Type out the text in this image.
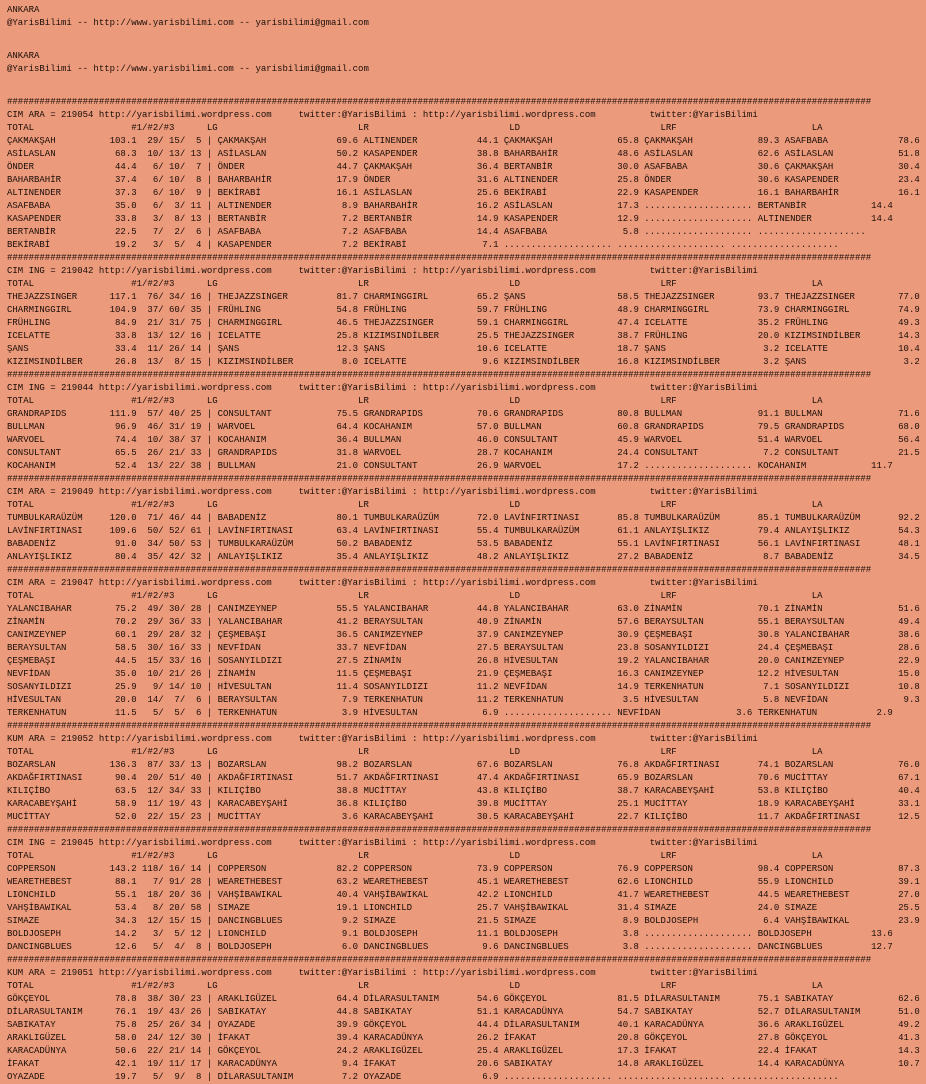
ANKARA
@YarisBilimi -- http://www.yarisbilimi.com -- yarisbilimi@gmail.com
ANKARA
@YarisBilimi -- http://www.yarisbilimi.com -- yarisbilimi@gmail.com
################################################################################################################################################################
CIM ARA = 219054 http://yarisbilimi.wordpress.com     twitter:@YarisBilimi : http://yarisbilimi.wordpress.com          twitter:@YarisBilimi
TOTAL                  #1/#2/#3      LG                          LR                          LD                          LRF                         LA
ÇAKMAKŞAH          103.1  29/ 15/  5 | ÇAKMAKŞAH             69.6 ALTINENDER           44.1 ÇAKMAKŞAH            65.8 ÇAKMAKŞAH            89.3 ASAFBABA             78.6
ASİLASLAN           68.3  10/ 13/ 13 | ASİLASLAN             50.2 KASAPENDER           38.8 BAHARBAHİR           48.6 ASİLASLAN            62.6 ASİLASLAN            51.8
ÖNDER               44.4   6/ 10/  7 | ÖNDER                 44.7 ÇAKMAKŞAH            36.4 BERTANBİR            30.0 ASAFBABA             30.6 ÇAKMAKŞAH            30.4
BAHARBAHİR          37.4   6/ 10/  8 | BAHARBAHİR            17.9 ÖNDER                31.6 ALTINENDER           25.8 ÖNDER                30.6 KASAPENDER           23.4
ALTINENDER          37.3   6/ 10/  9 | BEKİRABİ              16.1 ASİLASLAN            25.6 BEKİRABİ             22.9 KASAPENDER           16.1 BAHARBAHİR           16.1
ASAFBABA            35.0   6/  3/ 11 | ALTINENDER             8.9 BAHARBAHİR           16.2 ASİLASLAN            17.3 .................... BERTANBİR            14.4
KASAPENDER          33.8   3/  8/ 13 | BERTANBİR              7.2 BERTANBİR            14.9 KASAPENDER           12.9 .................... ALTINENDER           14.4
BERTANBİR           22.5   7/  2/  6 | ASAFBABA               7.2 ASAFBABA             14.4 ASAFBABA              5.8 .................... ....................
BEKİRABİ            19.2   3/  5/  4 | KASAPENDER             7.2 BEKİRABİ              7.1 .................... .................... ....................
################################################################################################################################################################
CIM ING = 219042 http://yarisbilimi.wordpress.com     twitter:@YarisBilimi : http://yarisbilimi.wordpress.com          twitter:@YarisBilimi
TOTAL                  #1/#2/#3      LG                          LR                          LD                          LRF                         LA
THEJAZZSINGER      117.1  76/ 34/ 16 | THEJAZZSINGER         81.7 CHARMINGGIRL         65.2 ŞANS                 58.5 THEJAZZSINGER        93.7 THEJAZZSINGER        77.0
CHARMINGGIRL       104.9  37/ 60/ 35 | FRÜHLING              54.8 FRÜHLING             59.7 FRÜHLING             48.9 CHARMINGGIRL         73.9 CHARMINGGIRL         74.9
FRÜHLING            84.9  21/ 31/ 75 | CHARMINGGIRL          46.5 THEJAZZSINGER        59.1 CHARMINGGIRL         47.4 ICELATTE             35.2 FRÜHLING             49.3
ICELATTE            33.8  13/ 12/ 16 | ICELATTE              25.8 KIZIMSINDİLBER       25.5 THEJAZZSINGER        38.7 FRÜHLING             20.0 KIZIMSINDİLBER       14.3
ŞANS                33.4  11/ 26/ 14 | ŞANS                  12.3 ŞANS                 10.6 ICELATTE             18.7 ŞANS                  3.2 ICELATTE             10.4
KIZIMSINDİLBER      26.8  13/  8/ 15 | KIZIMSINDİLBER         8.0 ICELATTE              9.6 KIZIMSINDİLBER       16.8 KIZIMSINDİLBER        3.2 ŞANS                  3.2
################################################################################################################################################################
CIM ING = 219044 http://yarisbilimi.wordpress.com     twitter:@YarisBilimi : http://yarisbilimi.wordpress.com          twitter:@YarisBilimi
TOTAL                  #1/#2/#3      LG                          LR                          LD                          LRF                         LA
GRANDRAPIDS        111.9  57/ 40/ 25 | CONSULTANT            75.5 GRANDRAPIDS          70.6 GRANDRAPIDS          80.8 BULLMAN              91.1 BULLMAN              71.6
BULLMAN             96.9  46/ 31/ 19 | WARVOEL               64.4 KOCAHANIM            57.0 BULLMAN              60.8 GRANDRAPIDS          79.5 GRANDRAPIDS          68.0
WARVOEL             74.4  10/ 38/ 37 | KOCAHANIM             36.4 BULLMAN              46.0 CONSULTANT           45.9 WARVOEL              51.4 WARVOEL              56.4
CONSULTANT          65.5  26/ 21/ 33 | GRANDRAPIDS           31.8 WARVOEL              28.7 KOCAHANIM            24.4 CONSULTANT            7.2 CONSULTANT           21.5
KOCAHANIM           52.4  13/ 22/ 38 | BULLMAN               21.0 CONSULTANT           26.9 WARVOEL              17.2 .................... KOCAHANIM            11.7
################################################################################################################################################################
CIM ARA = 219049 http://yarisbilimi.wordpress.com     twitter:@YarisBilimi : http://yarisbilimi.wordpress.com          twitter:@YarisBilimi
TOTAL                  #1/#2/#3      LG                          LR                          LD                          LRF                         LA
TUMBULKARAÜZÜM     120.0  71/ 46/ 44 | BABADENİZ             80.1 TUMBULKARAÜZÜM       72.0 LAVİNFIRTINASI       85.8 TUMBULKARAÜZÜM       85.1 TUMBULKARAÜZÜM       92.2
LAVİNFIRTINASI     109.6  50/ 52/ 61 | LAVİNFIRTINASI        63.4 LAVİNFIRTINASI       55.4 TUMBULKARAÜZÜM       61.1 ANLAYIŞLIKIZ         79.4 ANLAYIŞLIKIZ         54.3
BABADENİZ           91.0  34/ 50/ 53 | TUMBULKARAÜZÜM        50.2 BABADENİZ            53.5 BABADENİZ            55.1 LAVİNFIRTINASI       56.1 LAVİNFIRTINASI       48.1
ANLAYIŞLIKIZ        80.4  35/ 42/ 32 | ANLAYIŞLIKIZ          35.4 ANLAYIŞLIKIZ         48.2 ANLAYIŞLIKIZ         27.2 BABADENİZ             8.7 BABADENİZ            34.5
################################################################################################################################################################
CIM ARA = 219047 http://yarisbilimi.wordpress.com     twitter:@YarisBilimi : http://yarisbilimi.wordpress.com          twitter:@YarisBilimi
TOTAL                  #1/#2/#3      LG                          LR                          LD                          LRF                         LA
YALANCIBAHAR        75.2  49/ 30/ 28 | CANIMZEYNEP           55.5 YALANCIBAHAR         44.8 YALANCIBAHAR         63.0 ZİNAMİN              70.1 ZİNAMİN              51.6
ZİNAMİN             70.2  29/ 36/ 33 | YALANCIBAHAR          41.2 BERAYSULTAN          40.9 ZİNAMİN              57.6 BERAYSULTAN          55.1 BERAYSULTAN          49.4
CANIMZEYNEP         60.1  29/ 28/ 32 | ÇEŞMEBAŞI             36.5 CANIMZEYNEP          37.9 CANIMZEYNEP          30.9 ÇEŞMEBAŞI            30.8 YALANCIBAHAR         38.6
BERAYSULTAN         58.5  30/ 16/ 33 | NEVFİDAN              33.7 NEVFİDAN             27.5 BERAYSULTAN          23.8 SOSANYILDIZI         24.4 ÇEŞMEBAŞI            28.6
ÇEŞMEBAŞI           44.5  15/ 33/ 16 | SOSANYILDIZI          27.5 ZİNAMİN              26.8 HİVESULTAN           19.2 YALANCIBAHAR         20.0 CANIMZEYNEP          22.9
NEVFİDAN            35.0  10/ 21/ 26 | ZİNAMİN               11.5 ÇEŞMEBAŞI            21.9 ÇEŞMEBAŞI            16.3 CANIMZEYNEP          12.2 HİVESULTAN           15.0
SOSANYILDIZI        25.9   9/ 14/ 10 | HİVESULTAN            11.4 SOSANYILDIZI         11.2 NEVFİDAN             14.9 TERKENHATUN           7.1 SOSANYILDIZI         10.8
HİVESULTAN          20.0  14/  7/  6 | BERAYSULTAN            7.9 TERKENHATUN          11.2 TERKENHATUN           3.5 HİVESULTAN            5.8 NEVFİDAN              9.3
TERKENHATUN         11.5   5/  5/  6 | TERKENHATUN            3.9 HİVESULTAN            6.9 .................... NEVFİDAN              3.6 TERKENHATUN           2.9
################################################################################################################################################################
KUM ARA = 219052 http://yarisbilimi.wordpress.com     twitter:@YarisBilimi : http://yarisbilimi.wordpress.com          twitter:@YarisBilimi
TOTAL                  #1/#2/#3      LG                          LR                          LD                          LRF                         LA
BOZARSLAN          136.3  87/ 33/ 13 | BOZARSLAN             98.2 BOZARSLAN            67.6 BOZARSLAN            76.8 AKDAĞFIRTINASI       74.1 BOZARSLAN            76.0
AKDAĞFIRTINASI      90.4  20/ 51/ 40 | AKDAĞFIRTINASI        51.7 AKDAĞFIRTINASI       47.4 AKDAĞFIRTINASI       65.9 BOZARSLAN            70.6 MUCİTTAY             67.1
KILIÇİBO            63.5  12/ 34/ 33 | KILIÇİBO              38.8 MUCİTTAY             43.8 KILIÇİBO             38.7 KARACABEYŞAHİ        53.8 KILIÇİBO             40.4
KARACABEYŞAHİ       58.9  11/ 19/ 43 | KARACABEYŞAHİ         36.8 KILIÇİBO             39.8 MUCİTTAY             25.1 MUCİTTAY             18.9 KARACABEYŞAHİ        33.1
MUCİTTAY            52.0  22/ 15/ 23 | MUCİTTAY               3.6 KARACABEYŞAHİ        30.5 KARACABEYŞAHİ        22.7 KILIÇİBO             11.7 AKDAĞFIRTINASI       12.5
################################################################################################################################################################
CIM ING = 219045 http://yarisbilimi.wordpress.com     twitter:@YarisBilimi : http://yarisbilimi.wordpress.com          twitter:@YarisBilimi
TOTAL                  #1/#2/#3      LG                          LR                          LD                          LRF                         LA
COPPERSON          143.2 118/ 16/ 14 | COPPERSON             82.2 COPPERSON            73.9 COPPERSON            76.9 COPPERSON            98.4 COPPERSON            87.3
WEARETHEBEST        88.1   7/ 91/ 28 | WEARETHEBEST          63.2 WEARETHEBEST         45.1 WEARETHEBEST         62.6 LIONCHILD            55.9 LIONCHILD            39.1
LIONCHILD           55.1  18/ 20/ 36 | VAHŞİBAWIKAL          40.4 VAHŞİBAWIKAL         42.2 LIONCHILD            41.7 WEARETHEBEST         44.5 WEARETHEBEST         27.0
VAHŞİBAWIKAL        53.4   8/ 20/ 58 | SIMAZE                19.1 LIONCHILD            25.7 VAHŞİBAWIKAL         31.4 SIMAZE               24.0 SIMAZE               25.5
SIMAZE              34.3  12/ 15/ 15 | DANCINGBLUES           9.2 SIMAZE               21.5 SIMAZE                8.9 BOLDJOSEPH            6.4 VAHŞİBAWIKAL         23.9
BOLDJOSEPH          14.2   3/  5/ 12 | LIONCHILD              9.1 BOLDJOSEPH           11.1 BOLDJOSEPH            3.8 .................... BOLDJOSEPH           13.6
DANCINGBLUES        12.6   5/  4/  8 | BOLDJOSEPH             6.0 DANCINGBLUES          9.6 DANCINGBLUES          3.8 .................... DANCINGBLUES         12.7
################################################################################################################################################################
KUM ARA = 219051 http://yarisbilimi.wordpress.com     twitter:@YarisBilimi : http://yarisbilimi.wordpress.com          twitter:@YarisBilimi
TOTAL                  #1/#2/#3      LG                          LR                          LD                          LRF                         LA
GÖKÇEYOL            78.8  38/ 30/ 23 | ARAKLIGÜZEL           64.4 DİLARASULTANIM       54.6 GÖKÇEYOL             81.5 DİLARASULTANIM       75.1 SABIKATAY            62.6
DİLARASULTANIM      76.1  19/ 43/ 26 | SABIKATAY             44.8 SABIKATAY            51.1 KARACADÜNYA          54.7 SABIKATAY            52.7 DİLARASULTANIM       51.0
SABIKATAY           75.8  25/ 26/ 34 | OYAZADE               39.9 GÖKÇEYOL             44.4 DİLARASULTANIM       40.1 KARACADÜNYA          36.6 ARAKLIGÜZEL          49.2
ARAKLIGÜZEL         58.0  24/ 12/ 30 | İFAKAT                39.4 KARACADÜNYA          26.2 İFAKAT               20.8 GÖKÇEYOL             27.8 GÖKÇEYOL             41.3
KARACADÜNYA         50.6  22/ 21/ 14 | GÖKÇEYOL              24.2 ARAKLIGÜZEL          25.4 ARAKLIGÜZEL          17.3 İFAKAT               22.4 İFAKAT               14.3
İFAKAT              42.1  19/ 11/ 17 | KARACADÜNYA            9.4 İFAKAT               20.6 SABIKATAY            14.8 ARAKLIGÜZEL          14.4 KARACADÜNYA          10.7
OYAZADE             19.7   5/  9/  8 | DİLARASULTANIM         7.2 OYAZADE               6.9 .................... .................... ....................
